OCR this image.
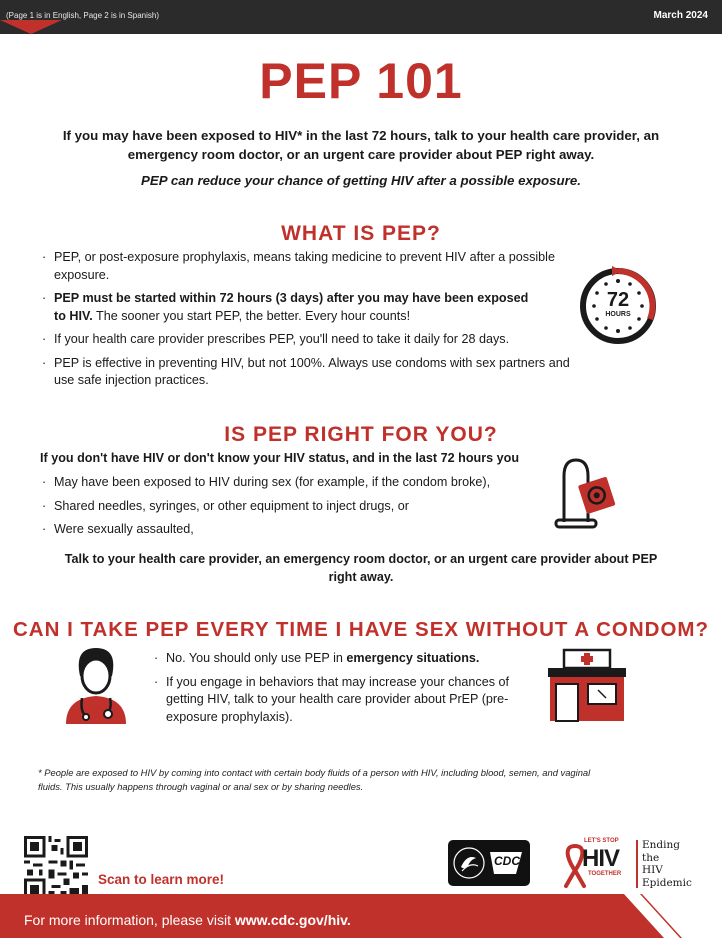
(Page 1 is in English, Page 2 is in Spanish)	March 2024
PEP 101
If you may have been exposed to HIV* in the last 72 hours, talk to your health care provider, an emergency room doctor, or an urgent care provider about PEP right away.
PEP can reduce your chance of getting HIV after a possible exposure.
WHAT IS PEP?
· PEP, or post-exposure prophylaxis, means taking medicine to prevent HIV after a possible exposure.
· PEP must be started within 72 hours (3 days) after you may have been exposed to HIV. The sooner you start PEP, the better. Every hour counts!
· If your health care provider prescribes PEP, you'll need to take it daily for 28 days.
· PEP is effective in preventing HIV, but not 100%. Always use condoms with sex partners and use safe injection practices.
72
HOURS
IS PEP RIGHT FOR YOU?
If you don't have HIV or don't know your HIV status, and in the last 72 hours you
· May have been exposed to HIV during sex (for example, if the condom broke),
· Shared needles, syringes, or other equipment to inject drugs, or
· Were sexually assaulted,
Talk to your health care provider, an emergency room doctor, or an urgent care provider about PEP right away.
CAN I TAKE PEP EVERY TIME I HAVE SEX WITHOUT A CONDOM?
· No. You should only use PEP in emergency situations.
· If you engage in behaviors that may increase your chances of getting HIV, talk to your health care provider about PrEP (pre-exposure prophylaxis).
* People are exposed to HIV by coming into contact with certain body fluids of a person with HIV, including blood, semen, and vaginal fluids. This usually happens through vaginal or anal sex or by sharing needles.
Scan to learn more!
CDC
LET'S STOP
HIV
TOGETHER
Ending
the
HIV
Epidemic
For more information, please visit www.cdc.gov/hiv.
